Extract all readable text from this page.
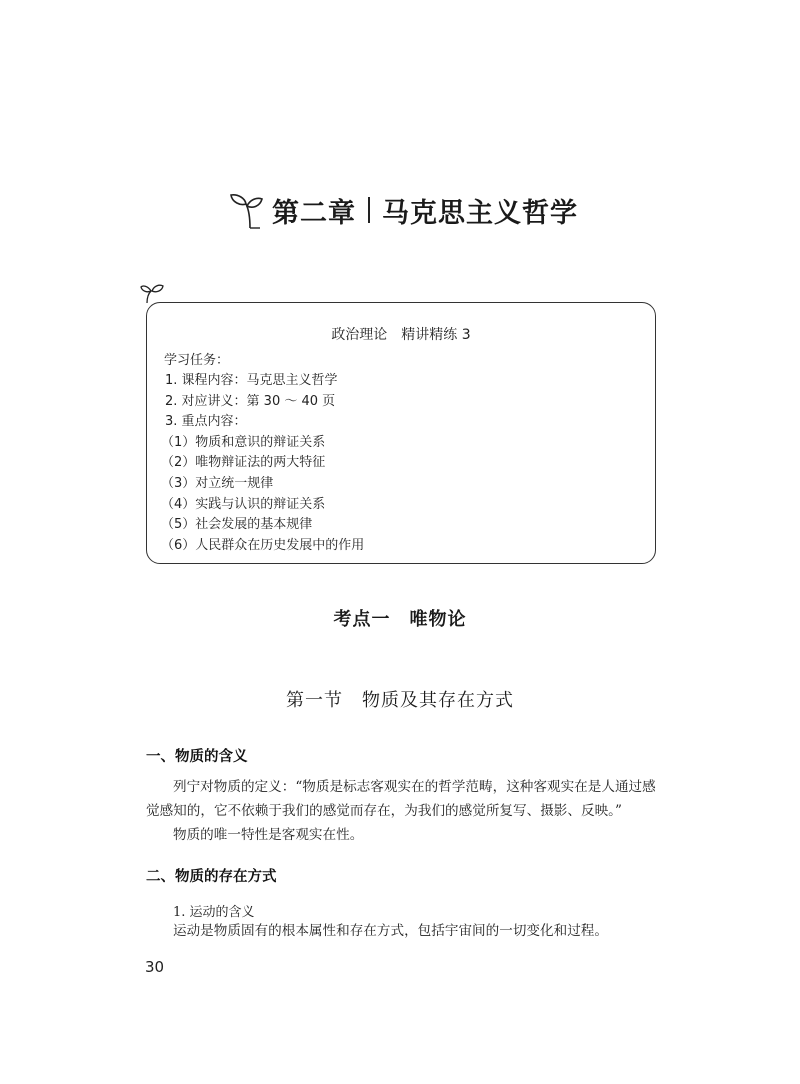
第二章 马克思主义哲学
政治理论　精讲精练 3
学习任务：
1. 课程内容：马克思主义哲学
2. 对应讲义：第 30 ～ 40 页
3. 重点内容：
（1）物质和意识的辩证关系
（2）唯物辩证法的两大特征
（3）对立统一规律
（4）实践与认识的辩证关系
（5）社会发展的基本规律
（6）人民群众在历史发展中的作用
考点一　唯物论
第一节　物质及其存在方式
一、物质的含义

列宁对物质的定义：“物质是标志客观实在的哲学范畴，这种客观实在是人通过感觉感知的，它不依赖于我们的感觉而存在，为我们的感觉所复写、摄影、反映。”

物质的唯一特性是客观实在性。

二、物质的存在方式
1. 运动的含义

运动是物质固有的根本属性和存在方式，包括宇宙间的一切变化和过程。

30
